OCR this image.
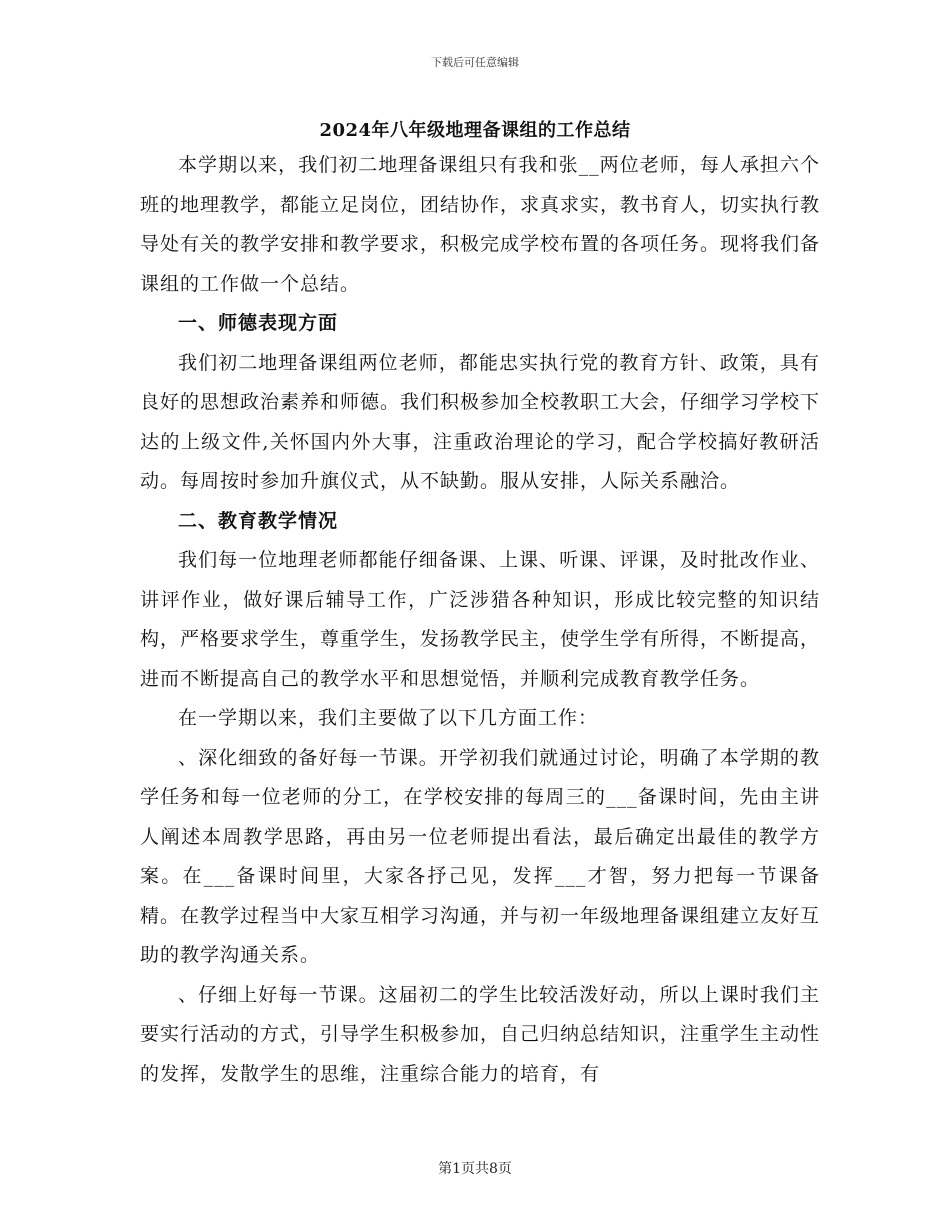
下载后可任意编辑
2024年八年级地理备课组的工作总结

本学期以来，我们初二地理备课组只有我和张__两位老师，每人承担六个班的地理教学，都能立足岗位，团结协作，求真求实，教书育人，切实执行教导处有关的教学安排和教学要求，积极完成学校布置的各项任务。现将我们备课组的工作做一个总结。

一、师德表现方面

我们初二地理备课组两位老师，都能忠实执行党的教育方针、政策，具有良好的思想政治素养和师德。我们积极参加全校教职工大会，仔细学习学校下达的上级文件,关怀国内外大事，注重政治理论的学习，配合学校搞好教研活动。每周按时参加升旗仪式，从不缺勤。服从安排，人际关系融洽。

二、教育教学情况

我们每一位地理老师都能仔细备课、上课、听课、评课，及时批改作业、讲评作业，做好课后辅导工作，广泛涉猎各种知识，形成比较完整的知识结构，严格要求学生，尊重学生，发扬教学民主，使学生学有所得，不断提高，进而不断提高自己的教学水平和思想觉悟，并顺利完成教育教学任务。

在一学期以来，我们主要做了以下几方面工作：

、深化细致的备好每一节课。开学初我们就通过讨论，明确了本学期的教学任务和每一位老师的分工，在学校安排的每周三的___备课时间，先由主讲人阐述本周教学思路，再由另一位老师提出看法，最后确定出最佳的教学方案。在___备课时间里，大家各抒己见，发挥___才智，努力把每一节课备精。在教学过程当中大家互相学习沟通，并与初一年级地理备课组建立友好互助的教学沟通关系。

、仔细上好每一节课。这届初二的学生比较活泼好动，所以上课时我们主要实行活动的方式，引导学生积极参加，自己归纳总结知识，注重学生主动性的发挥，发散学生的思维，注重综合能力的培育，有

第1页共8页
